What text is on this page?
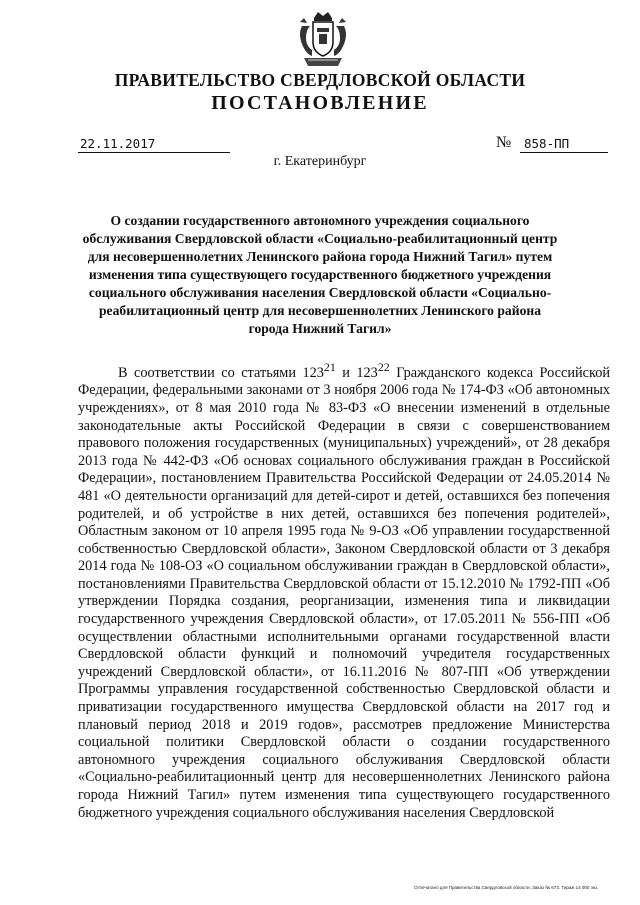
ПРАВИТЕЛЬСТВО СВЕРДЛОВСКОЙ ОБЛАСТИ
ПОСТАНОВЛЕНИЕ
22.11.2017	№	858-ПП
г. Екатеринбург
О создании государственного автономного учреждения социального обслуживания Свердловской области «Социально-реабилитационный центр для несовершеннолетних Ленинского района города Нижний Тагил» путем изменения типа существующего государственного бюджетного учреждения социального обслуживания населения Свердловской области «Социально-реабилитационный центр для несовершеннолетних Ленинского района города Нижний Тагил»
В соответствии со статьями $123^{21}$ и $123^{22}$ Гражданского кодекса Российской Федерации, федеральными законами от 3 ноября 2006 года № 174-ФЗ «Об автономных учреждениях», от 8 мая 2010 года № 83-ФЗ «О внесении изменений в отдельные законодательные акты Российской Федерации в связи с совершенствованием правового положения государственных (муниципальных) учреждений», от 28 декабря 2013 года № 442-ФЗ «Об основах социального обслуживания граждан в Российской Федерации», постановлением Правительства Российской Федерации от 24.05.2014 № 481 «О деятельности организаций для детей-сирот и детей, оставшихся без попечения родителей, и об устройстве в них детей, оставшихся без попечения родителей», Областным законом от 10 апреля 1995 года № 9-ОЗ «Об управлении государственной собственностью Свердловской области», Законом Свердловской области от 3 декабря 2014 года № 108-ОЗ «О социальном обслуживании граждан в Свердловской области», постановлениями Правительства Свердловской области от 15.12.2010 № 1792-ПП «Об утверждении Порядка создания, реорганизации, изменения типа и ликвидации государственного учреждения Свердловской области», от 17.05.2011 № 556-ПП «Об осуществлении областными исполнительными органами государственной власти Свердловской области функций и полномочий учредителя государственных учреждений Свердловской области», от 16.11.2016 № 807-ПП «Об утверждении Программы управления государственной собственностью Свердловской области и приватизации государственного имущества Свердловской области на 2017 год и плановый период 2018 и 2019 годов», рассмотрев предложение Министерства социальной политики Свердловской области о создании государственного автономного учреждения социального обслуживания Свердловской области «Социально-реабилитационный центр для несовершеннолетних Ленинского района города Нижний Тагил» путем изменения типа существующего государственного бюджетного учреждения социального обслуживания населения Свердловской
Отпечатано для Правительства Свердловской области. Заказ № 673. Тираж 14 000 экз.
